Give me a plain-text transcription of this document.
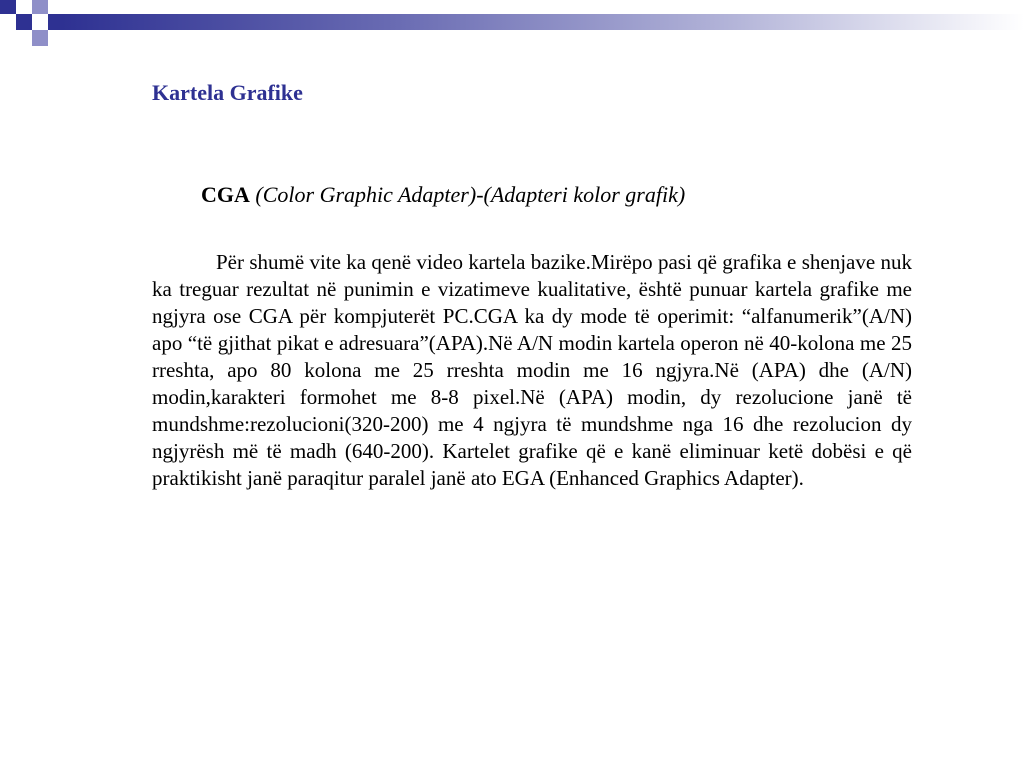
Kartela Grafike
CGA (Color Graphic Adapter)-(Adapteri kolor grafik)

Për shumë vite ka qenë video kartela bazike.Mirëpo pasi që grafika e shenjave nuk ka treguar rezultat në punimin e vizatimeve kualitative, është punuar kartela grafike me ngjyra ose CGA për kompjuterët PC.CGA ka dy mode të operimit: “alfanumerik”(A/N) apo “të gjithat pikat e adresuara”(APA).Në A/N modin kartela operon në 40-kolona me 25 rreshta, apo 80 kolona me 25 rreshta modin me 16 ngjyra.Në (APA) dhe (A/N) modin,karakteri formohet me 8-8 pixel.Në (APA) modin, dy rezolucione janë të mundshme:rezolucioni(320-200) me 4 ngjyra të mundshme nga 16 dhe rezolucion dy ngjyrësh më të madh (640-200). Kartelet grafike që e kanë eliminuar ketë dobësi e që praktikisht janë paraqitur paralel janë ato EGA (Enhanced Graphics Adapter).
